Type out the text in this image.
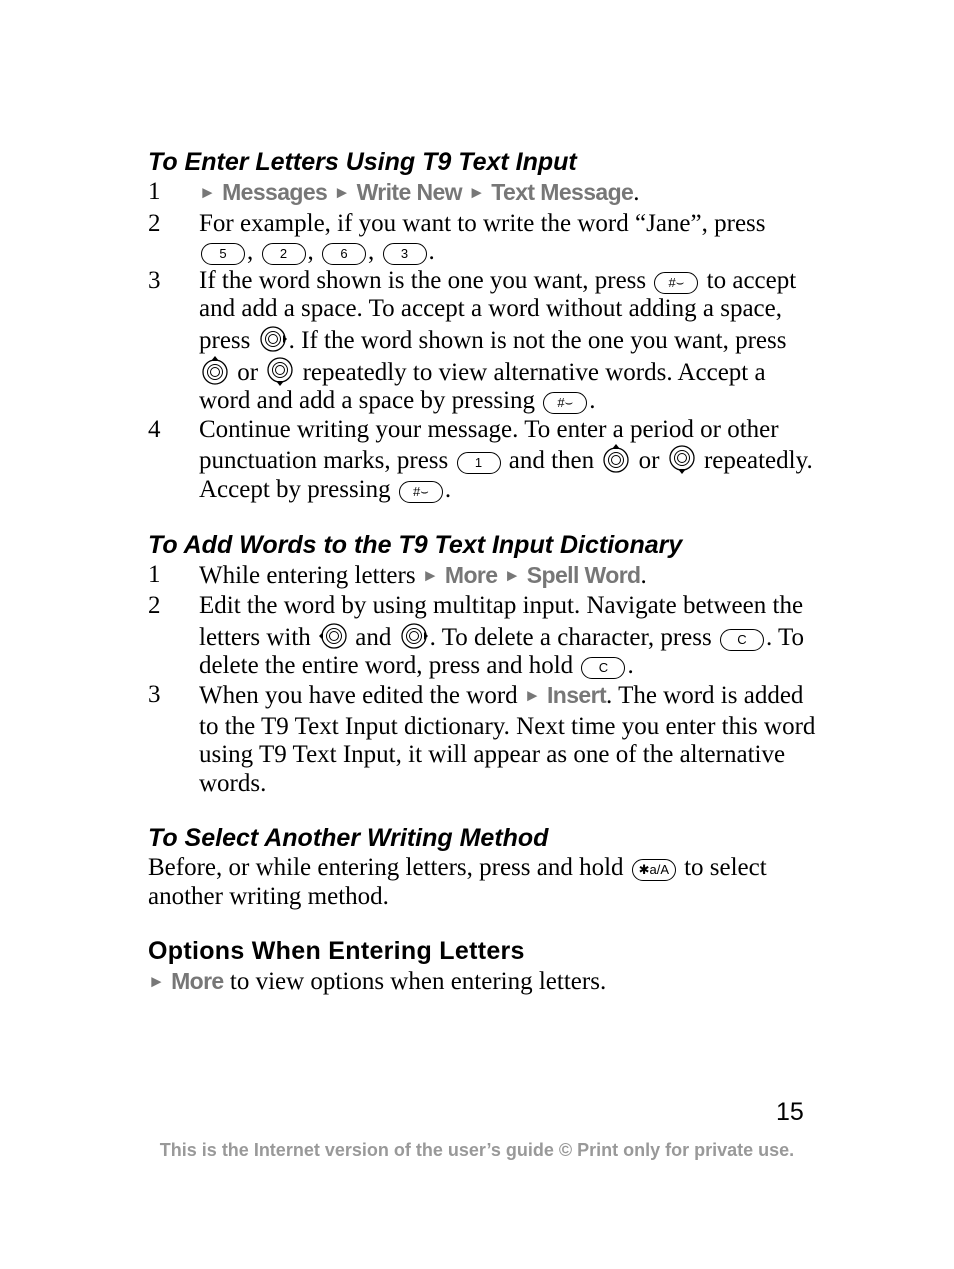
To Enter Letters Using T9 Text Input
1 ► Messages ► Write New ► Text Message.
2 For example, if you want to write the word “Jane”, press 5 , 2 , 6 , 3 .
3 If the word shown is the one you want, press #⌣ to accept and add a space. To accept a word without adding a space, press . If the word shown is not the one you want, press  or repeatedly to view alternative words. Accept a word and add a space by pressing #⌣ .
4 Continue writing your message. To enter a period or other punctuation marks, press 1 and then or repeatedly. Accept by pressing #⌣ .
To Add Words to the T9 Text Input Dictionary
1 While entering letters ► More ► Spell Word.
2 Edit the word by using multitap input. Navigate between the letters with and . To delete a character, press C . To delete the entire word, press and hold C .
3 When you have edited the word ► Insert. The word is added to the T9 Text Input dictionary. Next time you enter this word using T9 Text Input, it will appear as one of the alternative words.
To Select Another Writing Method

Before, or while entering letters, press and hold ✱a/A to select another writing method.

Options When Entering Letters

► More to view options when entering letters.

15
This is the Internet version of the user’s guide © Print only for private use.
